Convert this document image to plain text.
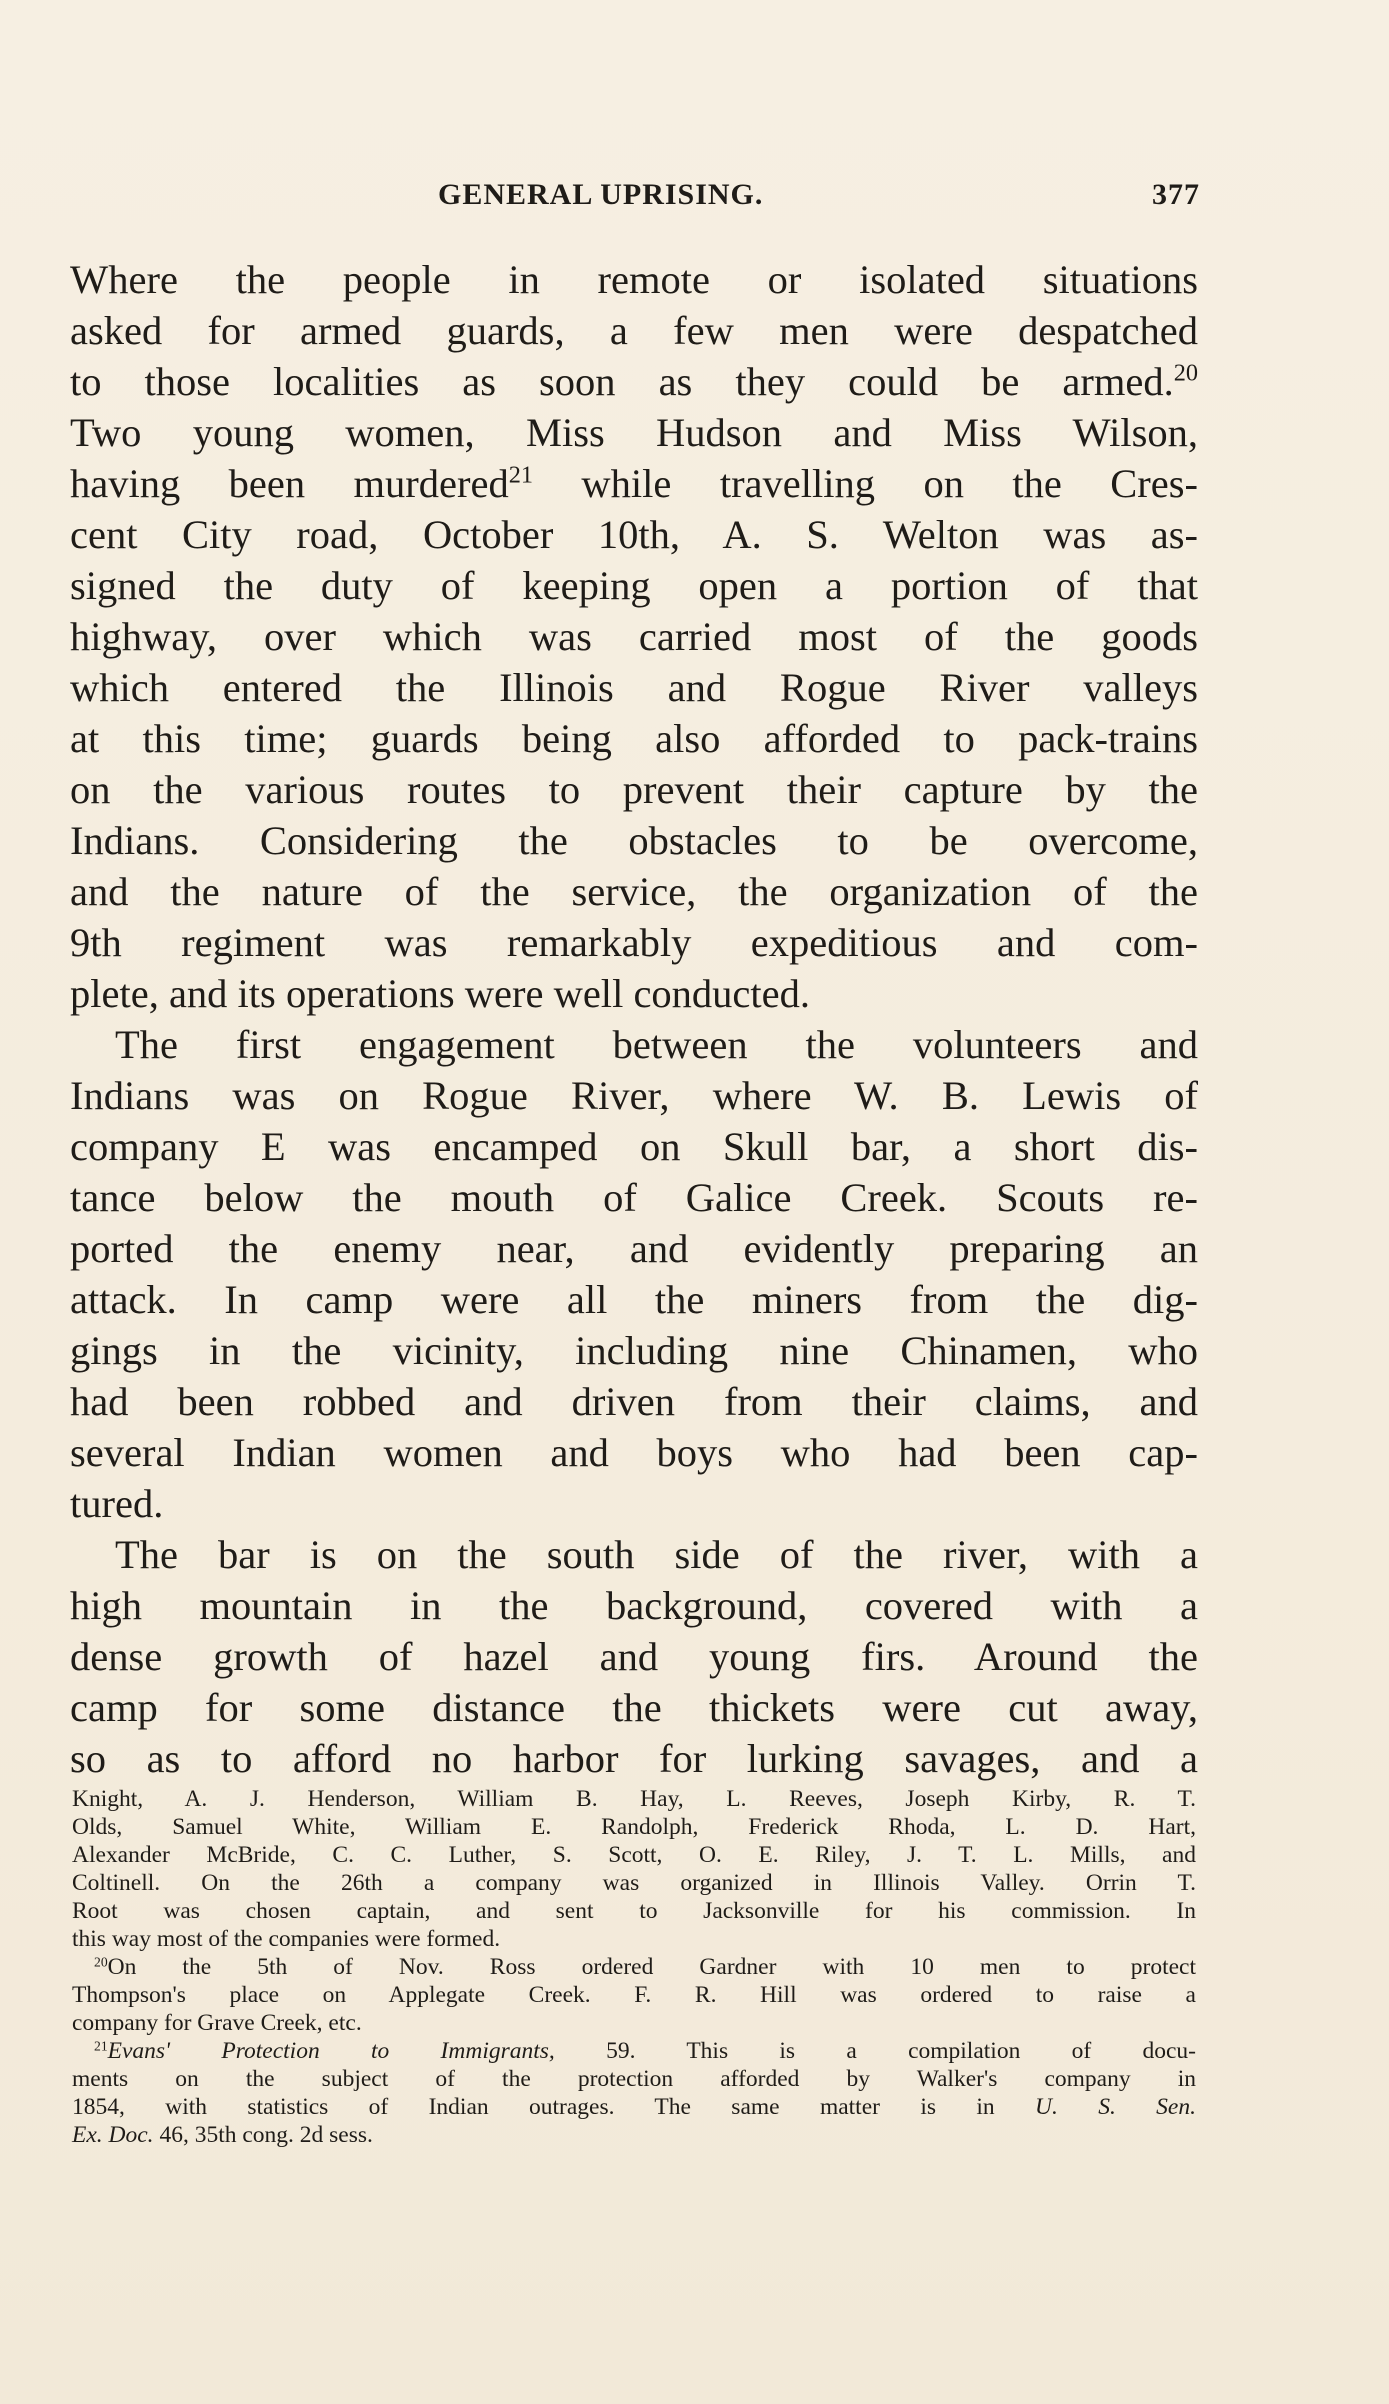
GENERAL UPRISING.	377
Where the people in remote or isolated situations
asked for armed guards, a few men were despatched
to those localities as soon as they could be armed.$^{20}$
Two young women, Miss Hudson and Miss Wilson,
having been murdered$^{21}$ while travelling on the Cres-
cent City road, October 10th, A. S. Welton was as-
signed the duty of keeping open a portion of that
highway, over which was carried most of the goods
which entered the Illinois and Rogue River valleys
at this time; guards being also afforded to pack-trains
on the various routes to prevent their capture by the
Indians. Considering the obstacles to be overcome,
and the nature of the service, the organization of the
9th regiment was remarkably expeditious and com-
plete, and its operations were well conducted.
The first engagement between the volunteers and
Indians was on Rogue River, where W. B. Lewis of
company E was encamped on Skull bar, a short dis-
tance below the mouth of Galice Creek. Scouts re-
ported the enemy near, and evidently preparing an
attack. In camp were all the miners from the dig-
gings in the vicinity, including nine Chinamen, who
had been robbed and driven from their claims, and
several Indian women and boys who had been cap-
tured.
The bar is on the south side of the river, with a
high mountain in the background, covered with a
dense growth of hazel and young firs. Around the
camp for some distance the thickets were cut away,
so as to afford no harbor for lurking savages, and a
Knight, A. J. Henderson, William B. Hay, L. Reeves, Joseph Kirby, R. T.
Olds, Samuel White, William E. Randolph, Frederick Rhoda, L. D. Hart,
Alexander McBride, C. C. Luther, S. Scott, O. E. Riley, J. T. L. Mills, and
Coltinell. On the 26th a company was organized in Illinois Valley. Orrin T.
Root was chosen captain, and sent to Jacksonville for his commission. In
this way most of the companies were formed.
$^{20}$On the 5th of Nov. Ross ordered Gardner with 10 men to protect
Thompson's place on Applegate Creek. F. R. Hill was ordered to raise a
company for Grave Creek, etc.
$^{21}$Evans' Protection to Immigrants, 59. This is a compilation of docu-
ments on the subject of the protection afforded by Walker's company in
1854, with statistics of Indian outrages. The same matter is in U. S. Sen.
Ex. Doc. 46, 35th cong. 2d sess.
